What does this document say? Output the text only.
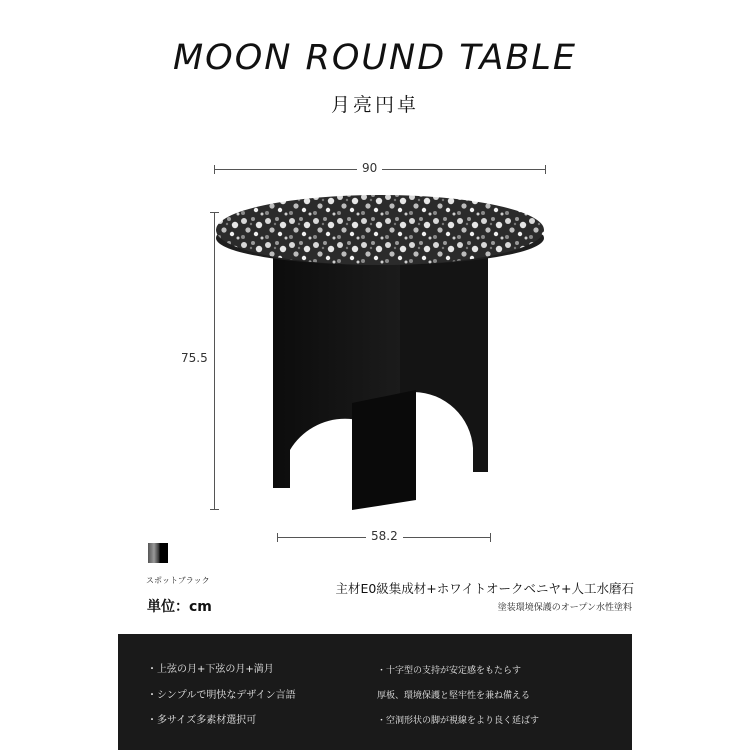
MOON ROUND TABLE
月亮円卓
90
75.5
58.2
スポットブラック
単位：cm
主材E0級集成材+ホワイトオークベニヤ+人工水磨石
塗装環境保護のオープン水性塗料
・上弦の月+下弦の月+満月
・シンプルで明快なデザイン言語
・多サイズ多素材選択可
・十字型の支持が安定感をもたらす
厚板、環境保護と堅牢性を兼ね備える
・空洞形状の脚が視線をより良く延ばす
